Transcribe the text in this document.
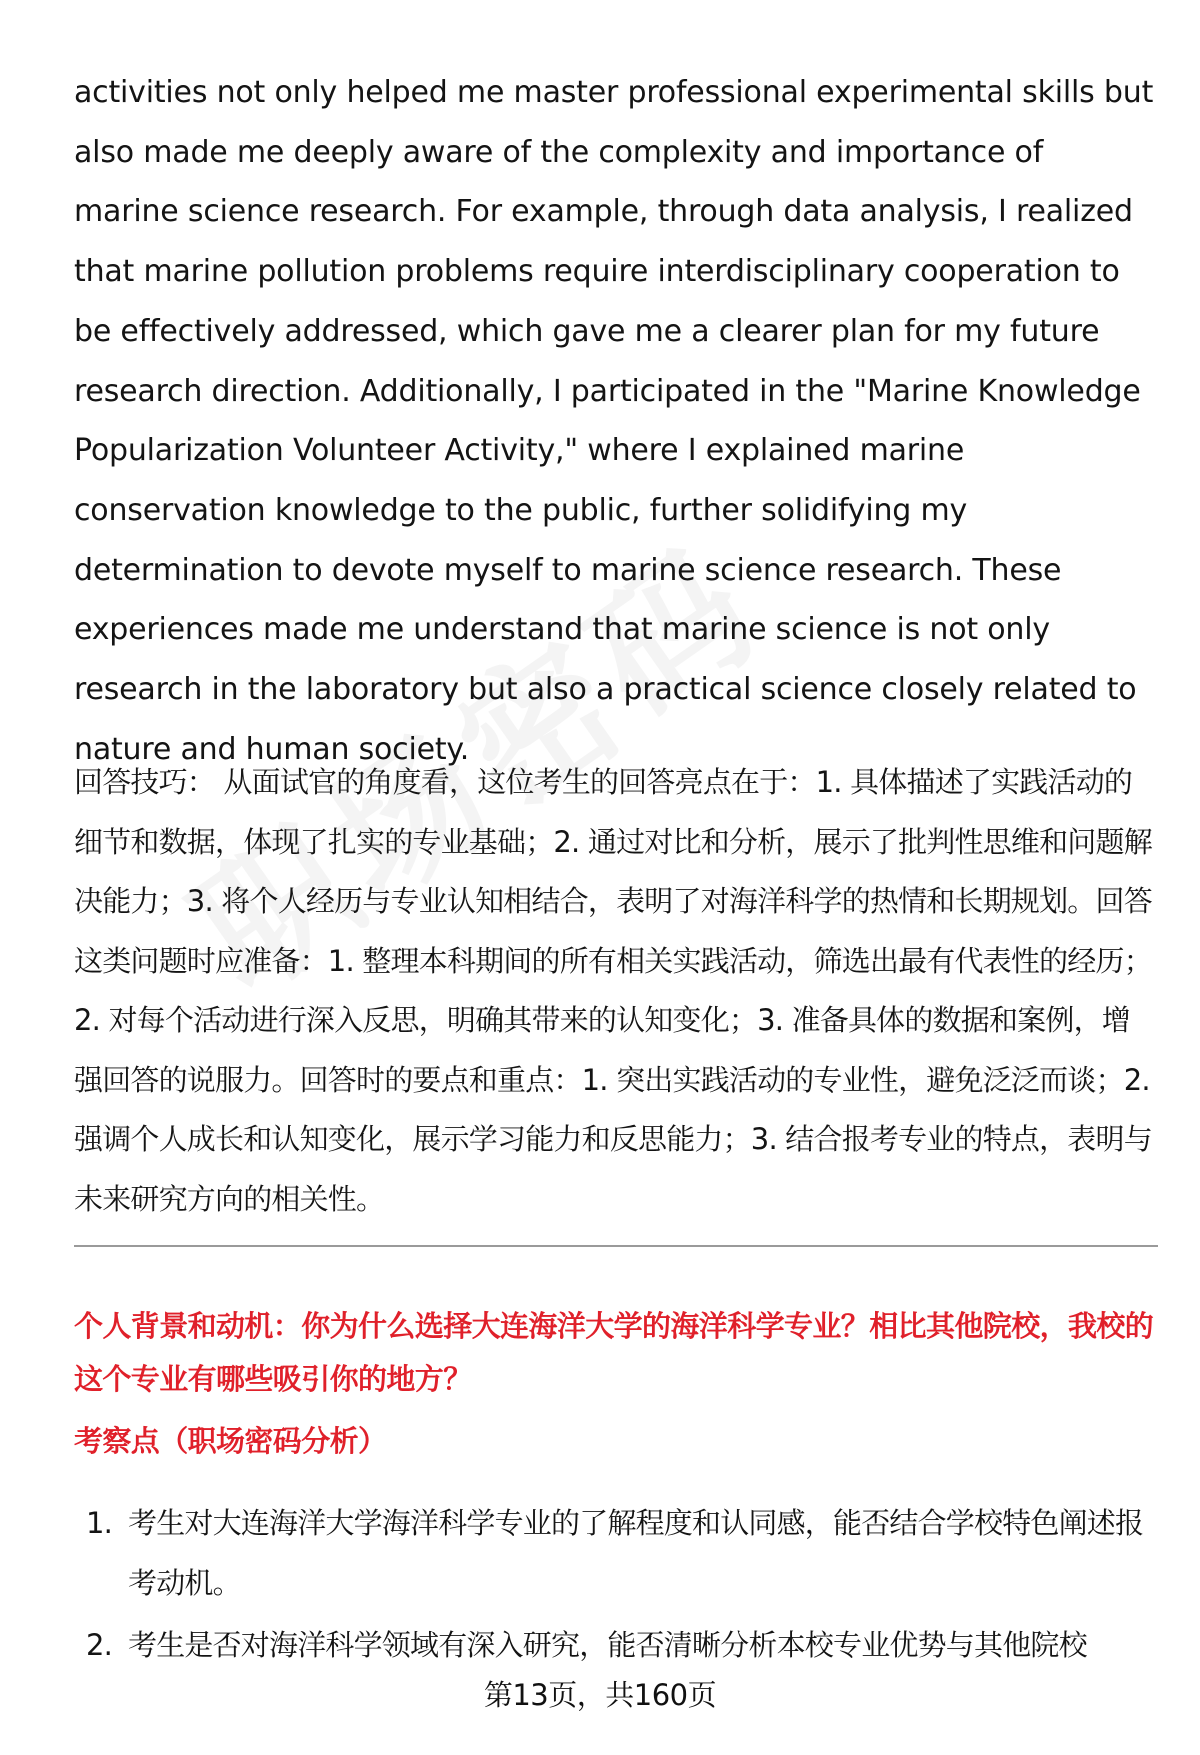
activities not only helped me master professional experimental skills but also made me deeply aware of the complexity and importance of marine science research. For example, through data analysis, I realized that marine pollution problems require interdisciplinary cooperation to be effectively addressed, which gave me a clearer plan for my future research direction. Additionally, I participated in the "Marine Knowledge Popularization Volunteer Activity," where I explained marine conservation knowledge to the public, further solidifying my determination to devote myself to marine science research. These experiences made me understand that marine science is not only research in the laboratory but also a practical science closely related to nature and human society.

回答技巧： 从面试官的角度看，这位考生的回答亮点在于：1. 具体描述了实践活动的细节和数据，体现了扎实的专业基础；2. 通过对比和分析，展示了批判性思维和问题解决能力；3. 将个人经历与专业认知相结合，表明了对海洋科学的热情和长期规划。回答这类问题时应准备：1. 整理本科期间的所有相关实践活动，筛选出最有代表性的经历；2. 对每个活动进行深入反思，明确其带来的认知变化；3. 准备具体的数据和案例，增强回答的说服力。回答时的要点和重点：1. 突出实践活动的专业性，避免泛泛而谈；2. 强调个人成长和认知变化，展示学习能力和反思能力；3. 结合报考专业的特点，表明与未来研究方向的相关性。

个人背景和动机：你为什么选择大连海洋大学的海洋科学专业？相比其他院校，我校的这个专业有哪些吸引你的地方？

考察点（职场密码分析）

1. 考生对大连海洋大学海洋科学专业的了解程度和认同感，能否结合学校特色阐述报考动机。
2. 考生是否对海洋科学领域有深入研究，能否清晰分析本校专业优势与其他院校
第13页，共160页
